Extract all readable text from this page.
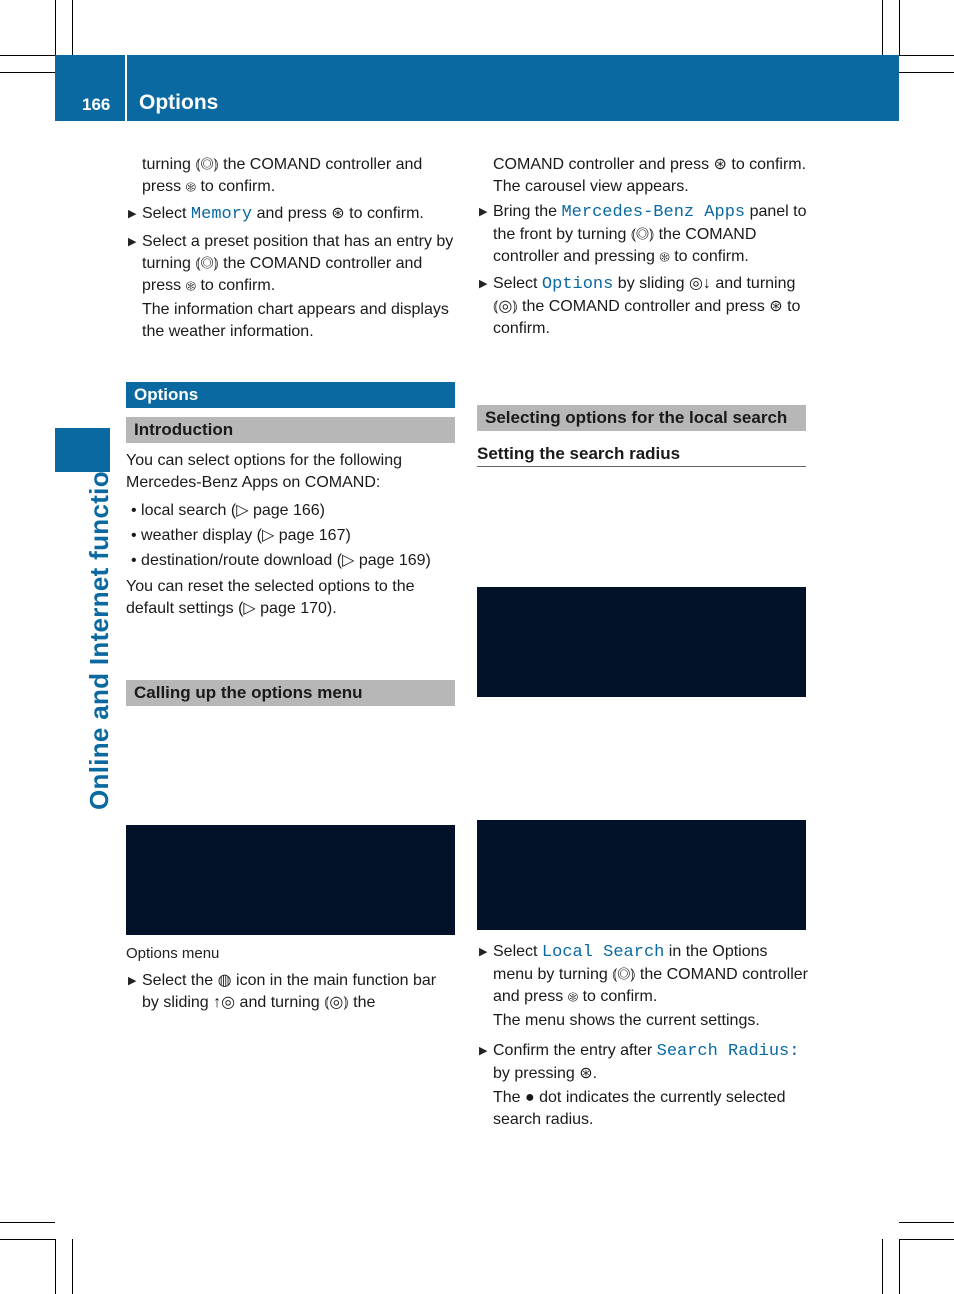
166 Options
Online and Internet functions

turning ⦅◎⦆ the COMAND controller and press ⊛ to confirm.

▶ Select Memory and press ⊛ to confirm.
▶ Select a preset position that has an entry by turning ⦅◎⦆ the COMAND controller and press ⊛ to confirm.

The information chart appears and displays the weather information.

Options
Introduction

You can select options for the following Mercedes-Benz Apps on COMAND:

• local search (▷ page 166)
• weather display (▷ page 167)
• destination/route download (▷ page 169)

You can reset the selected options to the default settings (▷ page 170).

Calling up the options menu
Options menu
▶ Select the ◍ icon in the main function bar by sliding ↑◎ and turning ⦅◎⦆ the

COMAND controller and press ⊛ to confirm.

The carousel view appears.

▶ Bring the Mercedes-Benz Apps panel to the front by turning ⦅◎⦆ the COMAND controller and pressing ⊛ to confirm.
▶ Select Options by sliding ◎↓ and turning ⦅◎⦆ the COMAND controller and press ⊛ to confirm.
Selecting options for the local search
Setting the search radius
▶ Select Local Search in the Options menu by turning ⦅◎⦆ the COMAND controller and press ⊛ to confirm.

The menu shows the current settings.

▶ Confirm the entry after Search Radius: by pressing ⊛.

The ● dot indicates the currently selected search radius.
